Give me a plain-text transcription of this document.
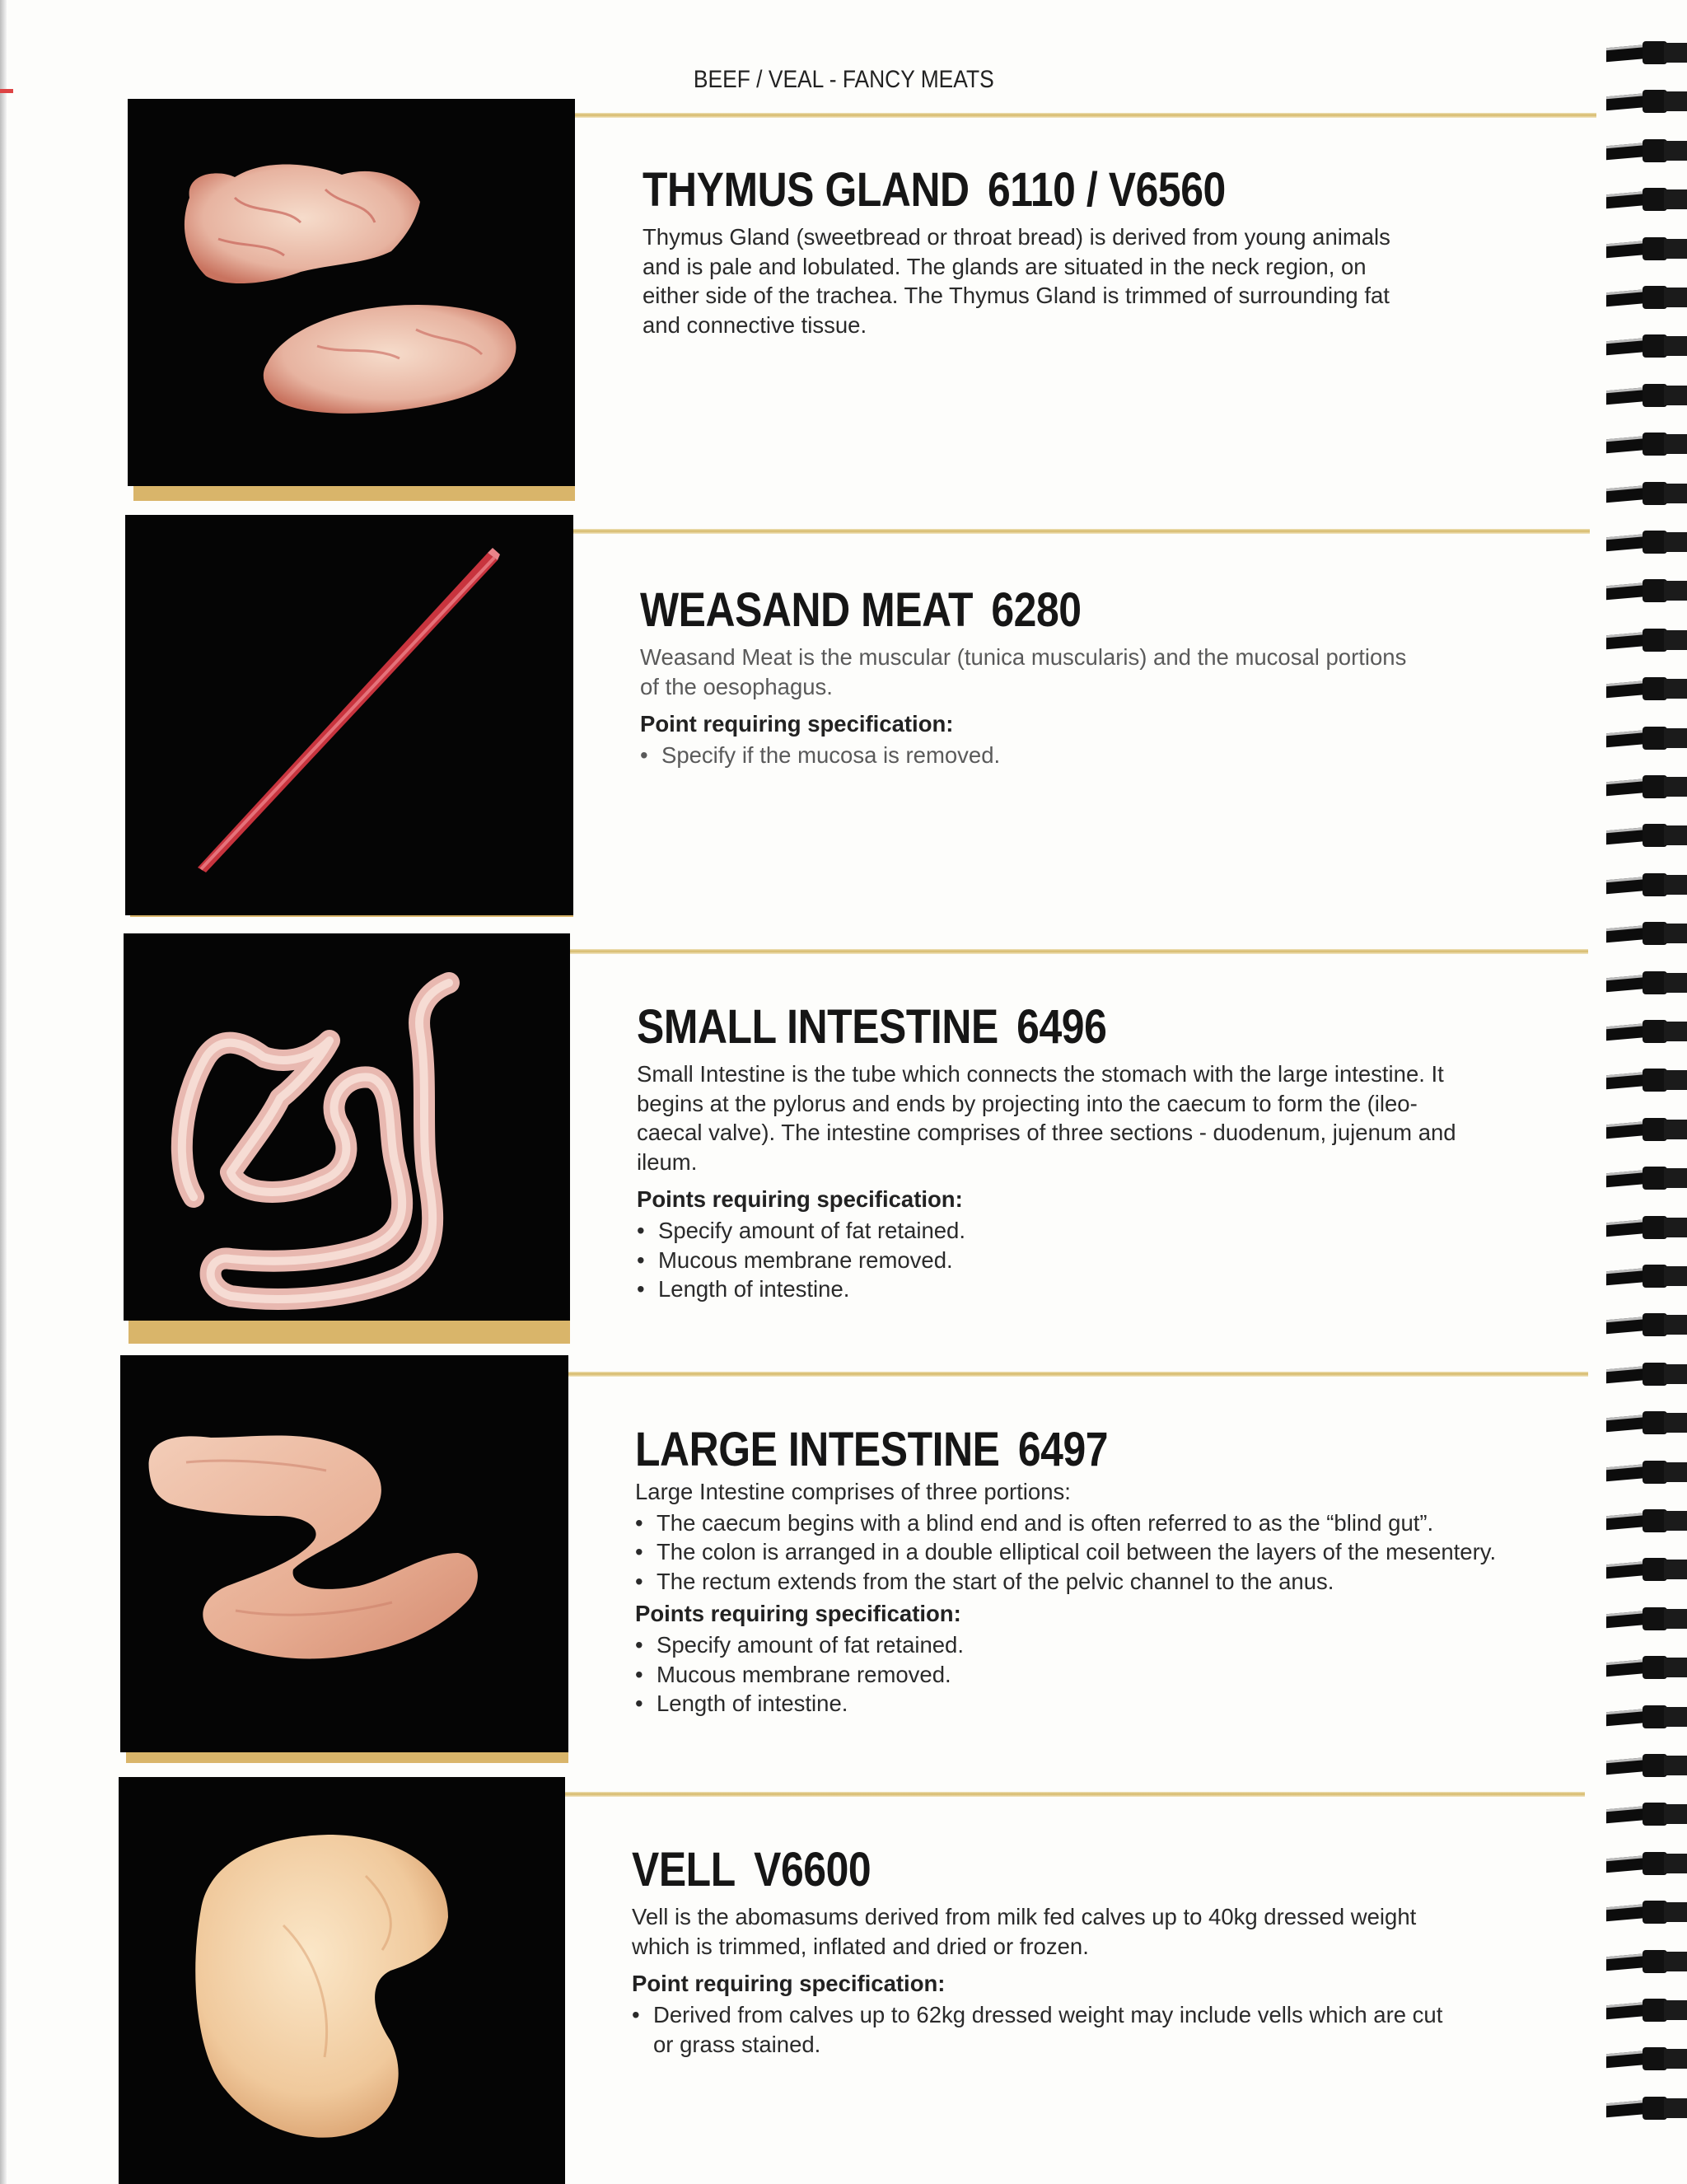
BEEF / VEAL - FANCY MEATS
THYMUS GLAND 6110 / V6560
Thymus Gland (sweetbread or throat bread) is derived from young animals and is pale and lobulated. The glands are situated in the neck region, on either side of the trachea. The Thymus Gland is trimmed of surrounding fat and connective tissue.
WEASAND MEAT 6280
Weasand Meat is the muscular (tunica muscularis) and the mucosal portions of the oesophagus.
Point requiring specification:
• Specify if the mucosa is removed.
SMALL INTESTINE 6496
Small Intestine is the tube which connects the stomach with the large intestine. It begins at the pylorus and ends by projecting into the caecum to form the (ileo-caecal valve). The intestine comprises of three sections - duodenum, jujenum and ileum.
Points requiring specification:
• Specify amount of fat retained.
• Mucous membrane removed.
• Length of intestine.
LARGE INTESTINE 6497
Large Intestine comprises of three portions:
• The caecum begins with a blind end and is often referred to as the “blind gut”.
• The colon is arranged in a double elliptical coil between the layers of the mesentery.
• The rectum extends from the start of the pelvic channel to the anus.
Points requiring specification:
• Specify amount of fat retained.
• Mucous membrane removed.
• Length of intestine.
VELL V6600
Vell is the abomasums derived from milk fed calves up to 40kg dressed weight which is trimmed, inflated and dried or frozen.
Point requiring specification:
• Derived from calves up to 62kg dressed weight may include vells which are cut or grass stained.
